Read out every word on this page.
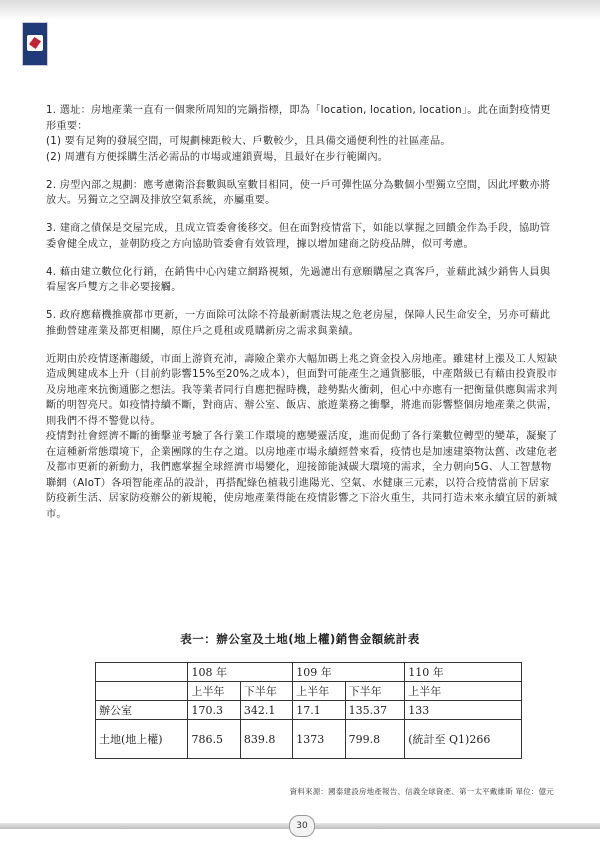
1. 選址：房地產業一直有一個衆所周知的完鍋指標，即為「location, location, location」。此在面對疫情更形重要：

(1) 要有足夠的發展空間，可規劃棟距較大、戶數較少，且具備交通便利性的社區產品。

(2) 周遭有方便採購生活必需品的市場或連鎖賣場，且最好在步行範圍內。

2. 房型內部之規劃：應考慮衛浴套數與臥室數目相同，使一戶可彈性區分為數個小型獨立空間，因此坪數亦將放大。另獨立之空調及排放空氣系統，亦屬重要。

3. 建商之債保是交屋完成，且成立管委會後移交。但在面對疫情當下，如能以掌握之回饋金作為手段，協助管委會健全成立，並朝防疫之方向協助管委會有效管理，據以增加建商之防疫品牌，似可考慮。

4. 藉由建立數位化行銷，在銷售中心內建立網路視頻，先過濾出有意願購屋之真客戶，並藉此減少銷售人員與看屋客戶雙方之非必要接觸。

5. 政府應藉機推廣都市更新，一方面除可汰除不符最新耐震法規之危老房屋，保障人民生命安全，另亦可藉此推動營建產業及都更相關，原住戶之覓租或覓購新房之需求與業績。

近期由於疫情逐漸趨緩，市面上游資充沛，壽險企業亦大幅加碼上兆之資金投入房地產。雖建材上漲及工人短缺造成興建成本上升（目前約影響15%至20%之成本），但面對可能產生之通貨膨脹，中產階級已有藉由投資股市及房地產來抗衡通膨之想法。我等業者同行自應把握時機，趁勢點火衝刺，但心中亦應有一把衡量供應與需求判斷的明智亮尺。如疫情持續不斷，對商店、辦公室、飯店、旅遊業務之衝擊，將進而影響整個房地產業之供需，則我們不得不警覺以待。

疫情對社會經濟不斷的衝擊並考驗了各行業工作環境的應變靈活度，進而促動了各行業數位轉型的變革，凝聚了在這種新常態環境下，企業團隊的生存之道。以房地產市場永續經營來看，疫情也是加速建築物汰舊、改建危老及都市更新的新動力，我們應掌握全球經濟市場變化，迎接節能減碳大環境的需求，全力朝向5G、人工智慧物聯網（AIoT）各項智能產品的設計，再搭配綠色植栽引進陽光、空氣、水健康三元素，以符合疫情當前下居家防疫新生活、居家防疫辦公的新規範，使房地產業得能在疫情影響之下浴火重生，共同打造未來永續宜居的新城市。

表一：辦公室及土地(地上權)銷售金額統計表
	108 年		109 年		110 年
	上半年	下半年	上半年	下半年	上半年
辦公室	170.3	342.1	17.1	135.37	133
土地(地上權)	786.5	839.8	1373	799.8	(統計至 Q1)266
資料來源：國泰建設房地產報告、信義全球資產、第一太平戴維斯 單位：億元
30
